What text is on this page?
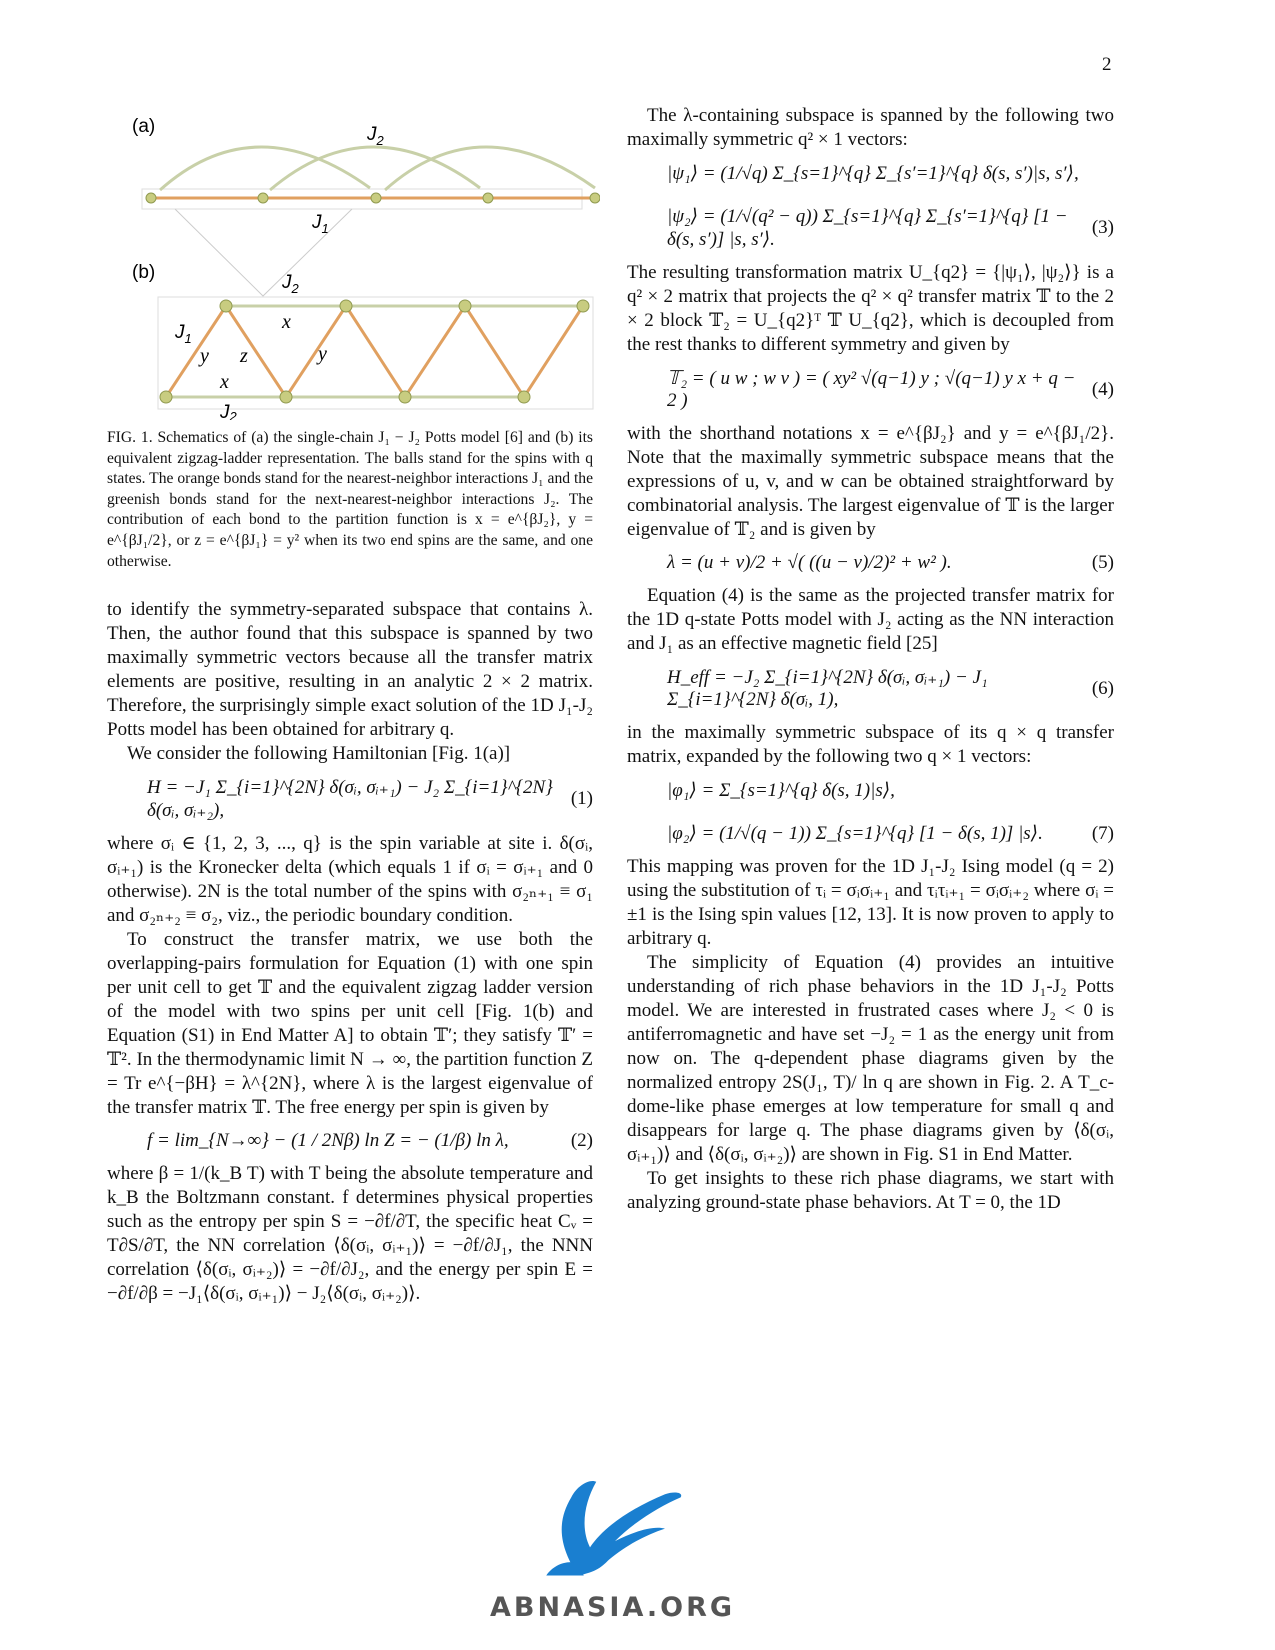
2
(a)
(b)
$J_2$
$J_1$
$J_2$
$J_1$
J2
x
y z	y
x
FIG. 1. Schematics of (a) the single-chain J₁ − J₂ Potts model [6] and (b) its equivalent zigzag-ladder representation. The balls stand for the spins with q states. The orange bonds stand for the nearest-neighbor interactions J₁ and the greenish bonds stand for the next-nearest-neighbor interactions J₂. The contribution of each bond to the partition function is x = e^{βJ₂}, y = e^{βJ₁/2}, or z = e^{βJ₁} = y² when its two end spins are the same, and one otherwise.
to identify the symmetry-separated subspace that contains λ. Then, the author found that this subspace is spanned by two maximally symmetric vectors because all the transfer matrix elements are positive, resulting in an analytic 2 × 2 matrix. Therefore, the surprisingly simple exact solution of the 1D J₁-J₂ Potts model has been obtained for arbitrary q.
We consider the following Hamiltonian [Fig. 1(a)]
H = −J₁ Σ_{i=1}^{2N} δ(σᵢ, σᵢ₊₁) − J₂ Σ_{i=1}^{2N} δ(σᵢ, σᵢ₊₂),
(1)
where σᵢ ∈ {1, 2, 3, ..., q} is the spin variable at site i. δ(σᵢ, σᵢ₊₁) is the Kronecker delta (which equals 1 if σᵢ = σᵢ₊₁ and 0 otherwise). 2N is the total number of the spins with σ₂ₙ₊₁ ≡ σ₁ and σ₂ₙ₊₂ ≡ σ₂, viz., the periodic boundary condition.
To construct the transfer matrix, we use both the overlapping-pairs formulation for Equation (1) with one spin per unit cell to get 𝕋 and the equivalent zigzag ladder version of the model with two spins per unit cell [Fig. 1(b) and Equation (S1) in End Matter A] to obtain 𝕋′; they satisfy 𝕋′ = 𝕋². In the thermodynamic limit N → ∞, the partition function Z = Tr e^{−βH} = λ^{2N}, where λ is the largest eigenvalue of the transfer matrix 𝕋. The free energy per spin is given by
f = lim_{N→∞} − (1 / 2Nβ) ln Z = − (1/β) ln λ,	(2)
where β = 1/(k_B T) with T being the absolute temperature and k_B the Boltzmann constant. f determines physical properties such as the entropy per spin S = −∂f/∂T, the specific heat Cᵥ = T∂S/∂T, the NN correlation ⟨δ(σᵢ, σᵢ₊₁)⟩ = −∂f/∂J₁, the NNN correlation ⟨δ(σᵢ, σᵢ₊₂)⟩ = −∂f/∂J₂, and the energy per spin E = −∂f/∂β = −J₁⟨δ(σᵢ, σᵢ₊₁)⟩ − J₂⟨δ(σᵢ, σᵢ₊₂)⟩.
The λ-containing subspace is spanned by the following two maximally symmetric q² × 1 vectors:
|ψ₁⟩ = (1/√q) Σ_{s=1}^{q} Σ_{s′=1}^{q} δ(s, s′)|s, s′⟩,
|ψ₂⟩ = (1/√(q² − q)) Σ_{s=1}^{q} Σ_{s′=1}^{q} [1 − δ(s, s′)] |s, s′⟩.
(3)
The resulting transformation matrix U_{q2} = {|ψ₁⟩, |ψ₂⟩} is a q² × 2 matrix that projects the q² × q² transfer matrix 𝕋 to the 2 × 2 block 𝕋₂ = U_{q2}ᵀ 𝕋 U_{q2}, which is decoupled from the rest thanks to different symmetry and given by
𝕋₂ = ( u w ; w v ) = ( xy² √(q−1) y ; √(q−1) y x + q − 2 )
(4)
with the shorthand notations x = e^{βJ₂} and y = e^{βJ₁/2}. Note that the maximally symmetric subspace means that the expressions of u, v, and w can be obtained straightforward by combinatorial analysis. The largest eigenvalue of 𝕋 is the larger eigenvalue of 𝕋₂ and is given by
λ = (u + v)/2 + √( ((u − v)/2)² + w² ).	(5)
Equation (4) is the same as the projected transfer matrix for the 1D q-state Potts model with J₂ acting as the NN interaction and J₁ as an effective magnetic field [25]
H_eff = −J₂ Σ_{i=1}^{2N} δ(σᵢ, σᵢ₊₁) − J₁ Σ_{i=1}^{2N} δ(σᵢ, 1),
(6)
in the maximally symmetric subspace of its q × q transfer matrix, expanded by the following two q × 1 vectors:
|φ₁⟩ = Σ_{s=1}^{q} δ(s, 1)|s⟩,
|φ₂⟩ = (1/√(q − 1)) Σ_{s=1}^{q} [1 − δ(s, 1)] |s⟩.	(7)
This mapping was proven for the 1D J₁-J₂ Ising model (q = 2) using the substitution of τᵢ = σᵢσᵢ₊₁ and τᵢτᵢ₊₁ = σᵢσᵢ₊₂ where σᵢ = ±1 is the Ising spin values [12, 13]. It is now proven to apply to arbitrary q.
The simplicity of Equation (4) provides an intuitive understanding of rich phase behaviors in the 1D J₁-J₂ Potts model. We are interested in frustrated cases where J₂ < 0 is antiferromagnetic and have set −J₂ = 1 as the energy unit from now on. The q-dependent phase diagrams given by the normalized entropy 2S(J₁, T)/ ln q are shown in Fig. 2. A T_c-dome-like phase emerges at low temperature for small q and disappears for large q. The phase diagrams given by ⟨δ(σᵢ, σᵢ₊₁)⟩ and ⟨δ(σᵢ, σᵢ₊₂)⟩ are shown in Fig. S1 in End Matter.
To get insights to these rich phase diagrams, we start with analyzing ground-state phase behaviors. At T = 0, the 1D
ABNASIA.ORG
